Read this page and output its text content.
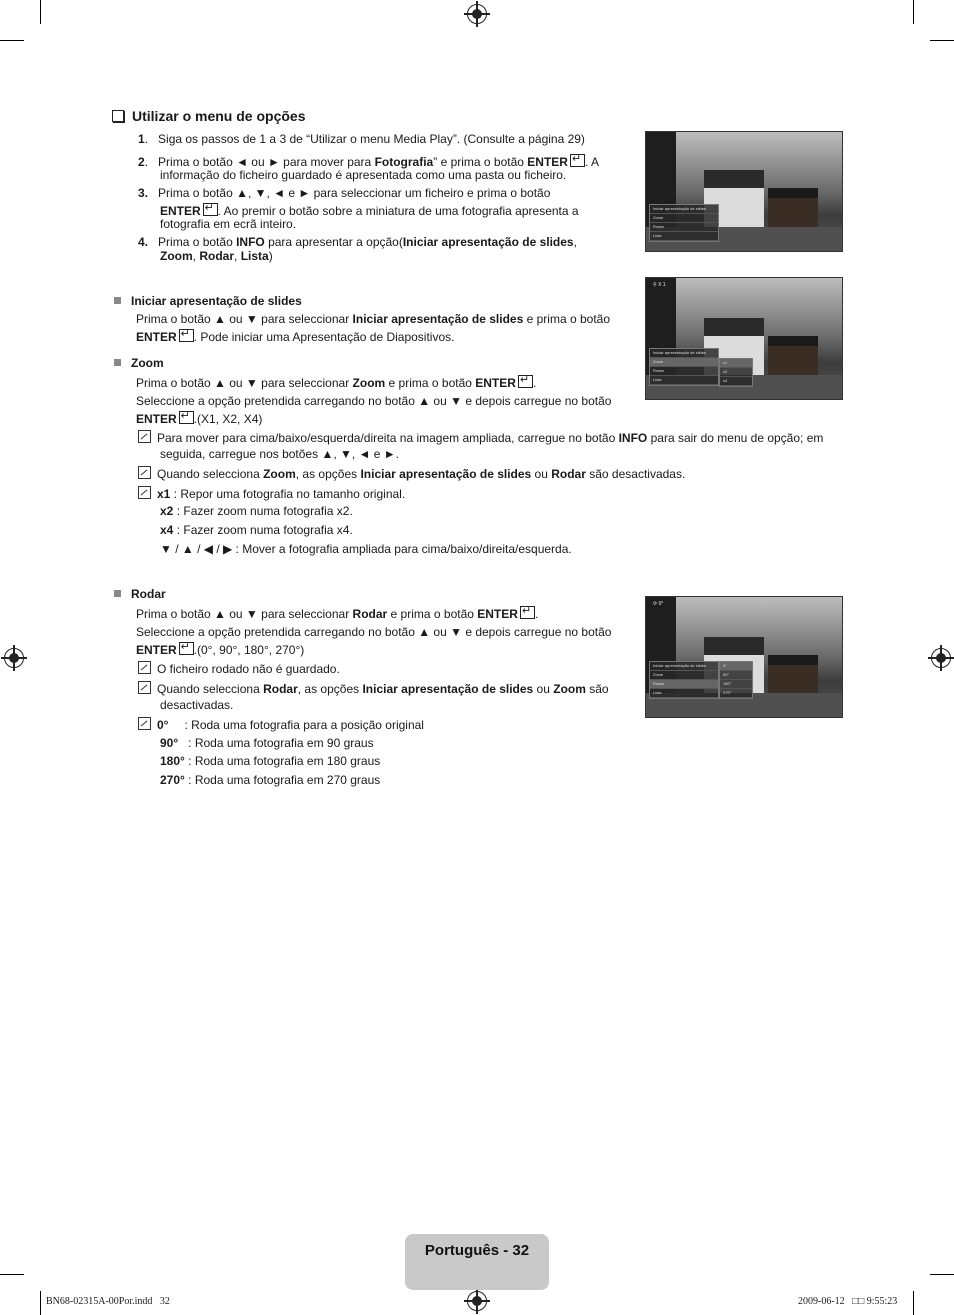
Utilizar o menu de opções
1.   Siga os passos de 1 a 3 de “Utilizar o menu Media Play”. (Consulte a página 29)
2.   Prima o botão ◄ ou ► para mover para Fotografia” e prima o botão ENTER ↵ . A
informação do ficheiro guardado é apresentada como uma pasta ou ficheiro.
3. Prima o botão ▲, ▼, ◄ e ► para seleccionar um ficheiro e prima o botão
ENTER ↵ . Ao premir o botão sobre a miniatura de uma fotografia apresenta a
fotografia em ecrã inteiro.
4. Prima o botão INFO para apresentar a opção(Iniciar apresentação de slides,
Zoom, Rodar, Lista)
Iniciar apresentação de slides
Prima o botão ▲ ou ▼ para seleccionar Iniciar apresentação de slides e prima o botão
ENTER ↵ . Pode iniciar uma Apresentação de Diapositivos.
Zoom
Prima o botão ▲ ou ▼ para seleccionar Zoom e prima o botão ENTER ↵ .
Seleccione a opção pretendida carregando no botão ▲ ou ▼ e depois carregue no botão
ENTER ↵ .(X1, X2, X4)
Para mover para cima/baixo/esquerda/direita na imagem ampliada, carregue no botão INFO para sair do menu de opção; em
seguida, carregue nos botões ▲, ▼, ◄ e ►.
Quando selecciona Zoom, as opções Iniciar apresentação de slides ou Rodar são desactivadas.
x1 : Repor uma fotografia no tamanho original.
x2 : Fazer zoom numa fotografia x2.
x4 : Fazer zoom numa fotografia x4.
▼ / ▲ / ◀ / ▶ : Mover a fotografia ampliada para cima/baixo/direita/esquerda.
Rodar
Prima o botão ▲ ou ▼ para seleccionar Rodar e prima o botão ENTER ↵ .
Seleccione a opção pretendida carregando no botão ▲ ou ▼ e depois carregue no botão
ENTER ↵ .(0°, 90°, 180°, 270°)
O ficheiro rodado não é guardado.
Quando selecciona Rodar, as opções Iniciar apresentação de slides ou Zoom são
desactivadas.
0° : Roda uma fotografia para a posição original
90° : Roda uma fotografia em 90 graus
180° : Roda uma fotografia em 180 graus
270° : Roda uma fotografia em 270 graus
Iniciar apresentação de slides
Zoom
Rodar
Lista
⚲ X 1
Iniciar apresentação de slides
Zoom
Rodar
Lista
x1
x2
x4
⟳ 0°
Iniciar apresentação de slides
Zoom
Rodar
Lista
0°
90°
180°
270°
Português - 32
BN68-02315A-00Por.indd   32	2009-06-12   □□ 9:55:23
